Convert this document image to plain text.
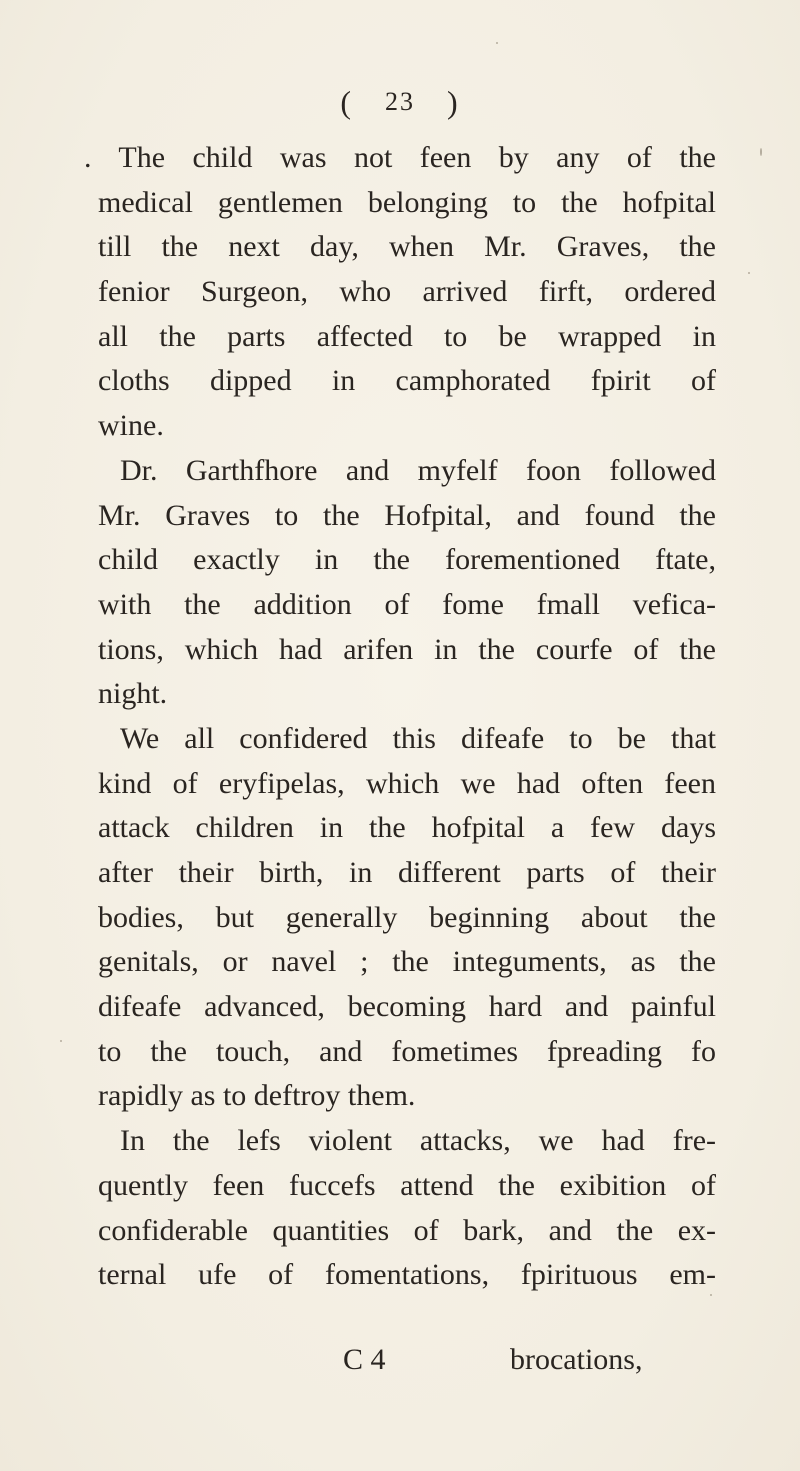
( 23 )
. The child was not feen by any of the
medical gentlemen belonging to the hofpital
till the next day, when Mr. Graves, the
fenior Surgeon, who arrived firft, ordered
all the parts affected to be wrapped in
cloths dipped in camphorated fpirit of
wine.
Dr. Garthfhore and myfelf foon followed
Mr. Graves to the Hofpital, and found the
child exactly in the forementioned ftate,
with the addition of fome fmall vefica-
tions, which had arifen in the courfe of the
night.
We all confidered this difeafe to be that
kind of eryfipelas, which we had often feen
attack children in the hofpital a few days
after their birth, in different parts of their
bodies, but generally beginning about the
genitals, or navel ; the integuments, as the
difeafe advanced, becoming hard and painful
to the touch, and fometimes fpreading fo
rapidly as to deftroy them.
In the lefs violent attacks, we had fre-
quently feen fuccefs attend the exibition of
confiderable quantities of bark, and the ex-
ternal ufe of fomentations, fpirituous em-
C 4	brocations,
